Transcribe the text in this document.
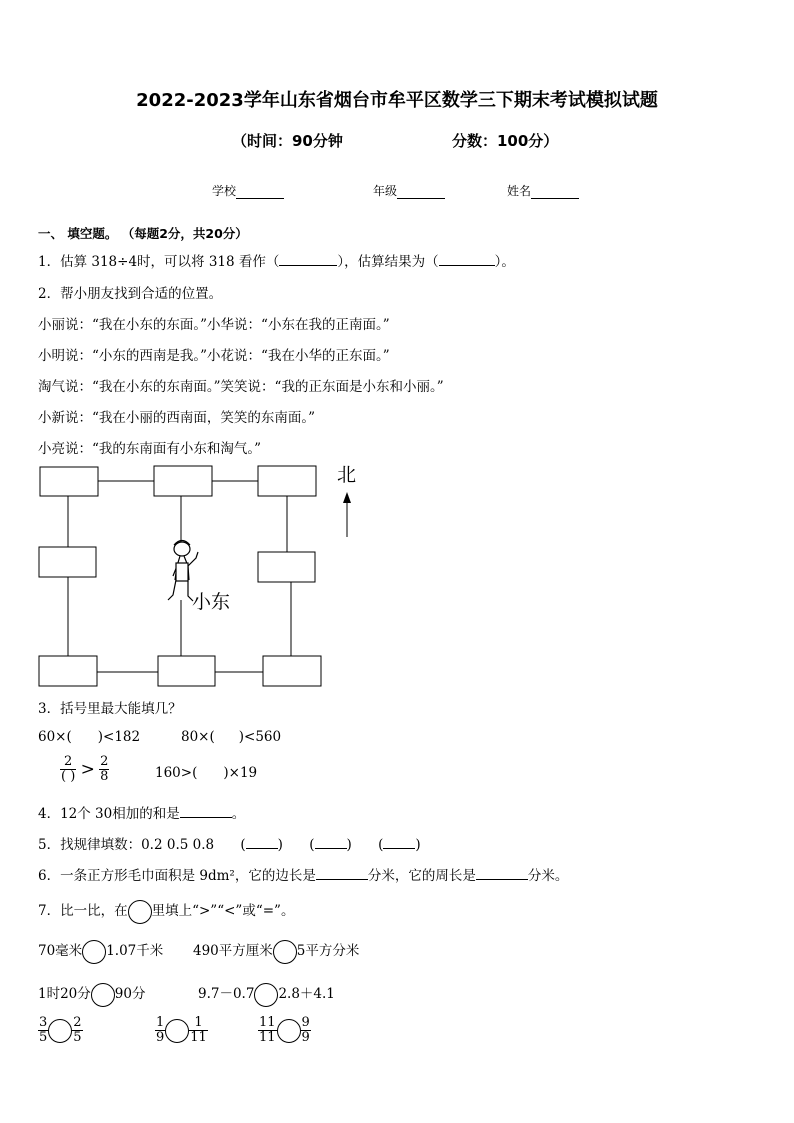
2022-2023学年山东省烟台市牟平区数学三下期末考试模拟试题
（时间：90分钟	分数：100分）
学校	年级	姓名
一、 填空题。 （每题2分，共20分）
1．估算 318÷4时，可以将 318 看作（	），估算结果为（	）。
2．帮小朋友找到合适的位置。
小丽说：“我在小东的东面。”小华说：“小东在我的正南面。”
小明说：“小东的西南是我。”小花说：“我在小华的正东面。”
淘气说：“我在小东的东南面。”笑笑说：“我的正东面是小东和小丽。”
小新说：“我在小丽的西南面，笑笑的东南面。”
小亮说：“我的东南面有小东和淘气。”
北
小东
3．括号里最大能填几？
60×( )<182	80×( )<560
$\frac{2}{( )} > \frac{2}{8}$	160>( )×19
4．12个 30相加的和是	。
5．找规律填数：0.2 0.5 0.8 ( ) ( ) ( )
6．一条正方形毛巾面积是 9dm²，它的边长是	分米，它的周长是	分米。
7．比一比，在 里填上“>”“<”或“=”。
70毫米 1.07千米 490平方厘米 5平方分米
1时20分 90分	9.7－0.7 2.8＋4.1
$\frac{3}{5} \frac{2}{5}$	$\frac{1}{9} \frac{1}{11}$	$\frac{11}{11} \frac{9}{9}$
